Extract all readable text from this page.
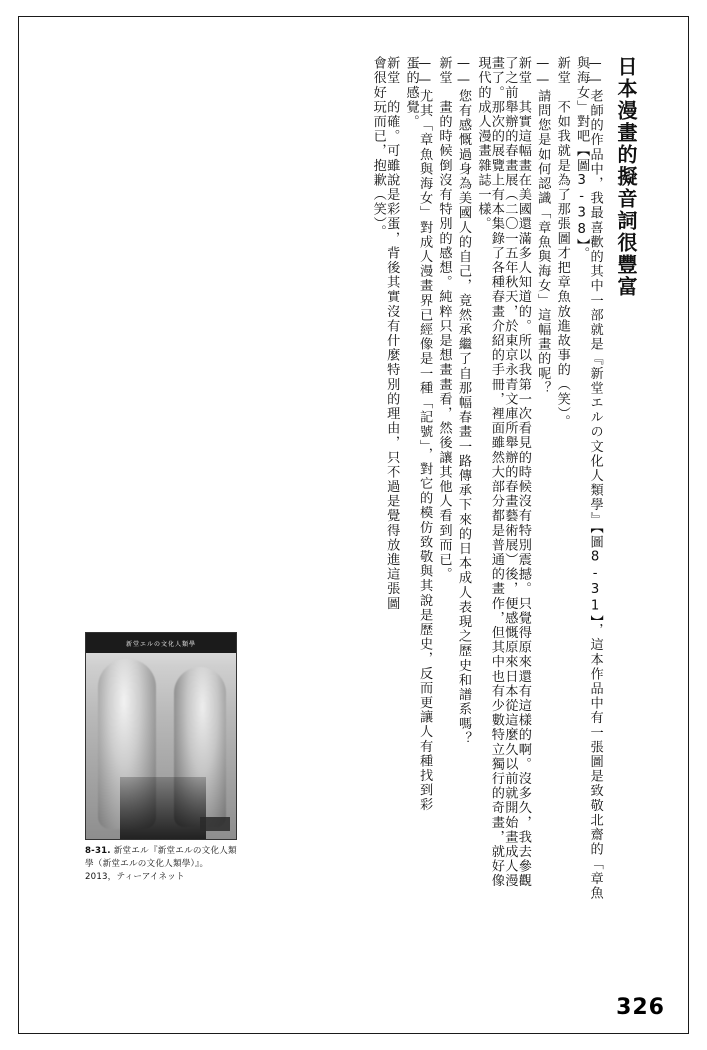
日本漫畫的擬音詞很豐富
——老師的作品中，我最喜歡的其中一部就是『新堂エルの文化人類學』【圖8-31】，這本作品中有一張圖是致敬北齋的「章魚與海女」對吧【圖3-38】。
新堂　不如我就是為了那張圖才把章魚放進故事的（笑）。
——請問您是如何認識「章魚與海女」這幅畫的呢？
新堂　其實這幅畫在美國還滿多人知道的。所以我第一次看見的時候沒有特別震撼。只覺得原來還有這樣的啊。沒多久，我去參觀了之前舉辦的春畫展（二〇一五年秋天，於東京永青文庫所舉辦的春畫藝術展）後，便感慨原來日本從這麼久以前就開始畫成人漫畫了。那次的展覽上有本集錄了各種春畫介紹的手冊，裡面雖然大部分都是普通的畫作，但其中也有少數特立獨行的奇畫，就好像現代的成人漫畫雜誌一樣。
——您有感慨過身為美國人的自己，竟然承繼了自那幅春畫一路傳承下來的日本成人表現之歷史和譜系嗎？
新堂　畫的時候倒沒有特別的感想。純粹只是想畫畫看，然後讓其他人看到而已。
——尤其「章魚與海女」對成人漫畫界已經像是一種「記號」，對它的模仿致敬與其說是歷史，反而更讓人有種找到彩蛋的感覺。
新堂　的確。可雖說是彩蛋，背後其實沒有什麼特別的理由，只不過是覺得放進這張圖會很好玩而已，抱歉（笑）。
新堂エルの文化人類學
8-31. 新堂エル『新堂エルの文化人類學（新堂エルの文化人類學）』。2013，ティーアイネット
326
